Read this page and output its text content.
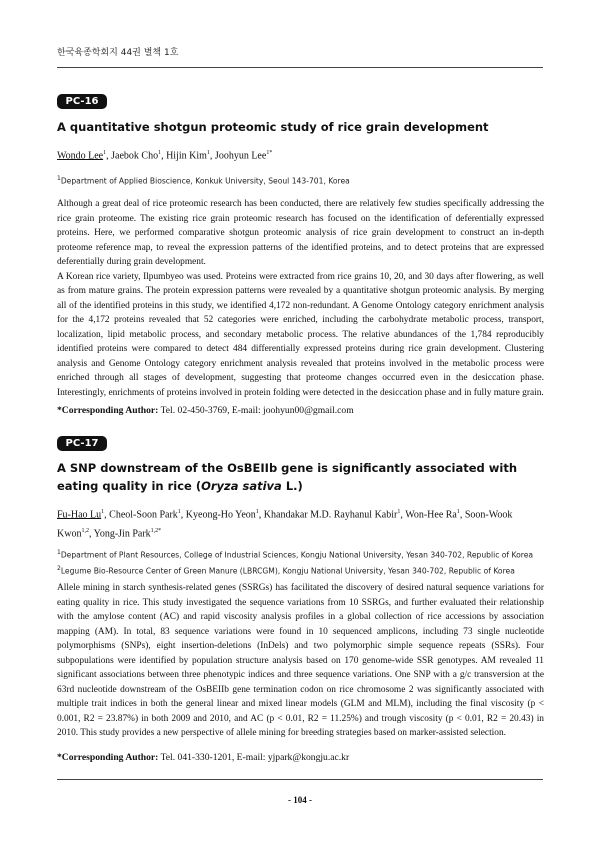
한국육종학회지 44권 별책 1호
PC-16
A quantitative shotgun proteomic study of rice grain development
Wondo Lee$^1$, Jaebok Cho$^1$, Hijin Kim$^1$, Joohyun Lee$^{1*}$
$^1$Department of Applied Bioscience, Konkuk University, Seoul 143-701, Korea

Although a great deal of rice proteomic research has been conducted, there are relatively few studies specifically addressing the rice grain proteome. The existing rice grain proteomic research has focused on the identification of deferentially expressed proteins. Here, we performed comparative shotgun proteomic analysis of rice grain development to construct an in-depth proteome reference map, to reveal the expression patterns of the identified proteins, and to detect proteins that are expressed deferentially during grain development.

A Korean rice variety, Ilpumbyeo was used. Proteins were extracted from rice grains 10, 20, and 30 days after flowering, as well as from mature grains. The protein expression patterns were revealed by a quantitative shotgun proteomic analysis. By merging all of the identified proteins in this study, we identified 4,172 non-redundant. A Genome Ontology category enrichment analysis for the 4,172 proteins revealed that 52 categories were enriched, including the carbohydrate metabolic process, transport, localization, lipid metabolic process, and secondary metabolic process. The relative abundances of the 1,784 reproducibly identified proteins were compared to detect 484 differentially expressed proteins during rice grain development. Clustering analysis and Genome Ontology category enrichment analysis revealed that proteins involved in the metabolic process were enriched through all stages of development, suggesting that proteome changes occurred even in the desiccation phase. Interestingly, enrichments of proteins involved in protein folding were detected in the desiccation phase and in fully mature grain.

*Corresponding Author: Tel. 02-450-3769, E-mail: joohyun00@gmail.com
PC-17
A SNP downstream of the OsBEIIb gene is significantly associated with eating quality in rice (Oryza sativa L.)
Fu-Hao Lu$^1$, Cheol-Soon Park$^1$, Kyeong-Ho Yeon$^1$, Khandakar M.D. Rayhanul Kabir$^1$, Won-Hee Ra$^1$, Soon-Wook Kwon$^{1,2}$, Yong-Jin Park$^{1,2*}$
$^1$Department of Plant Resources, College of Industrial Sciences, Kongju National University, Yesan 340-702, Republic of Korea
$^2$Legume Bio-Resource Center of Green Manure (LBRCGM), Kongju National University, Yesan 340-702, Republic of Korea

Allele mining in starch synthesis-related genes (SSRGs) has facilitated the discovery of desired natural sequence variations for eating quality in rice. This study investigated the sequence variations from 10 SSRGs, and further evaluated their relationship with the amylose content (AC) and rapid viscosity analysis profiles in a global collection of rice accessions by association mapping (AM). In total, 83 sequence variations were found in 10 sequenced amplicons, including 73 single nucleotide polymorphisms (SNPs), eight insertion-deletions (InDels) and two polymorphic simple sequence repeats (SSRs). Four subpopulations were identified by population structure analysis based on 170 genome-wide SSR genotypes. AM revealed 11 significant associations between three phenotypic indices and three sequence variations. One SNP with a g/c transversion at the 63rd nucleotide downstream of the OsBEIIb gene termination codon on rice chromosome 2 was significantly associated with multiple trait indices in both the general linear and mixed linear models (GLM and MLM), including the final viscosity (p < 0.001, R2 = 23.87%) in both 2009 and 2010, and AC (p < 0.01, R2 = 11.25%) and trough viscosity (p < 0.01, R2 = 20.43) in 2010. This study provides a new perspective of allele mining for breeding strategies based on marker-assisted selection.

*Corresponding Author: Tel. 041-330-1201, E-mail: yjpark@kongju.ac.kr
- 104 -
